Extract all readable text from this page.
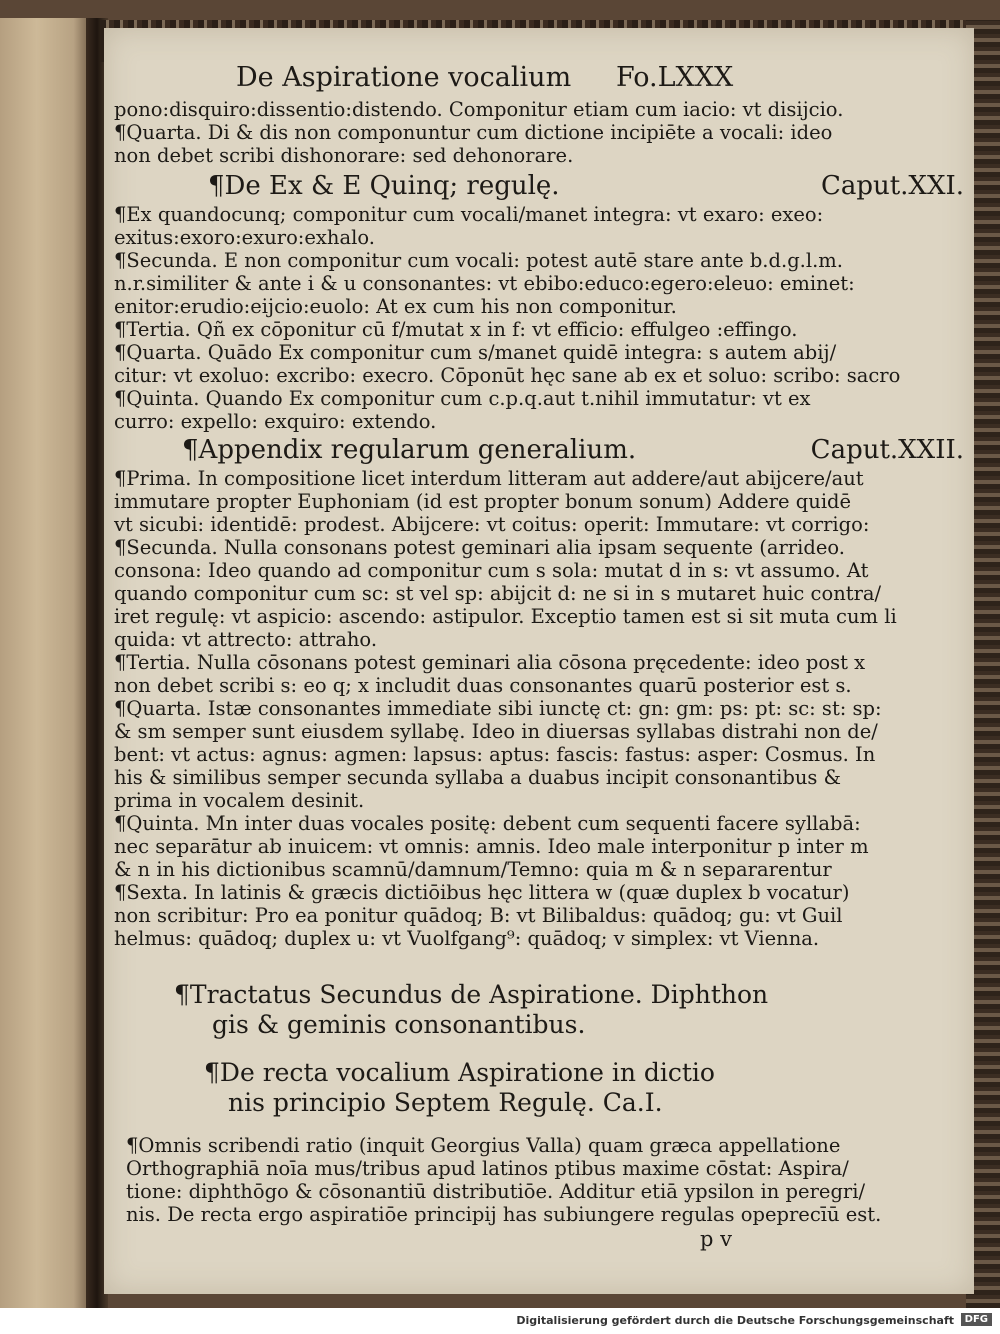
De Aspiratione vocalium Fo.LXXX
pono:disquiro:dissentio:distendo. Componitur etiam cum iacio: vt disijcio.
¶Quarta. Di & dis non componuntur cum dictione incipiēte a vocali: ideo
non debet scribi dishonorare: sed dehonorare.
¶De Ex & E Quinq; regulę.	Caput.XXI.
¶Ex quandocunq; componitur cum vocali/manet integra: vt exaro: exeo:
exitus:exoro:exuro:exhalo.
¶Secunda. E non componitur cum vocali: potest autē stare ante b.d.g.l.m.
n.r.similiter & ante i & u consonantes: vt ebibo:educo:egero:eleuo: eminet:
enitor:erudio:eijcio:euolo: At ex cum his non componitur.
¶Tertia. Qñ ex cōponitur cū f/mutat x in f: vt efficio: effulgeo :effingo.
¶Quarta. Quādo Ex componitur cum s/manet quidē integra: s autem abij/
citur: vt exoluo: excribo: execro. Cōponūt hęc sane ab ex et soluo: scribo: sacro
¶Quinta. Quando Ex componitur cum c.p.q.aut t.nihil immutatur: vt ex
curro: expello: exquiro: extendo.
¶Appendix regularum generalium.	Caput.XXII.
¶Prima. In compositione licet interdum litteram aut addere/aut abijcere/aut
immutare propter Euphoniam (id est propter bonum sonum) Addere quidē
vt sicubi: identidē: prodest. Abijcere: vt coitus: operit: Immutare: vt corrigo:
¶Secunda. Nulla consonans potest geminari alia ipsam sequente (arrideo.
consona: Ideo quando ad componitur cum s sola: mutat d in s: vt assumo. At
quando componitur cum sc: st vel sp: abijcit d: ne si in s mutaret huic contra/
iret regulę: vt aspicio: ascendo: astipulor. Exceptio tamen est si sit muta cum li
quida: vt attrecto: attraho.
¶Tertia. Nulla cōsonans potest geminari alia cōsona pręcedente: ideo post x
non debet scribi s: eo q; x includit duas consonantes quarū posterior est s.
¶Quarta. Istæ consonantes immediate sibi iunctę ct: gn: gm: ps: pt: sc: st: sp:
& sm semper sunt eiusdem syllabę. Ideo in diuersas syllabas distrahi non de/
bent: vt actus: agnus: agmen: lapsus: aptus: fascis: fastus: asper: Cosmus. In
his & similibus semper secunda syllaba a duabus incipit consonantibus &
prima in vocalem desinit.
¶Quinta. Mn inter duas vocales positę: debent cum sequenti facere syllabā:
nec separātur ab inuicem: vt omnis: amnis. Ideo male interponitur p inter m
& n in his dictionibus scamnū/damnum/Temno: quia m & n separarentur
¶Sexta. In latinis & græcis dictiōibus hęc littera w (quæ duplex b vocatur)
non scribitur: Pro ea ponitur quādoq; B: vt Bilibaldus: quādoq; gu: vt Guil
helmus: quādoq; duplex u: vt Vuolfgang⁹: quādoq; v simplex: vt Vienna.
¶Tractatus Secundus de Aspiratione. Diphthon
gis & geminis consonantibus.
¶De recta vocalium Aspiratione in dictio
nis principio Septem Regulę. Ca.I.
¶Omnis scribendi ratio (inquit Georgius Valla) quam græca appellatione
Orthographiā noīa mus/tribus apud latinos ptibus maxime cōstat: Aspira/
tione: diphthōgo & cōsonantiū distributiōe. Additur etiā ypsilon in peregri/
nis. De recta ergo aspiratiōe principij has subiungere regulas opeprecīū est.
p v
Digitalisierung gefördert durch die Deutsche Forschungsgemeinschaft	DFG
